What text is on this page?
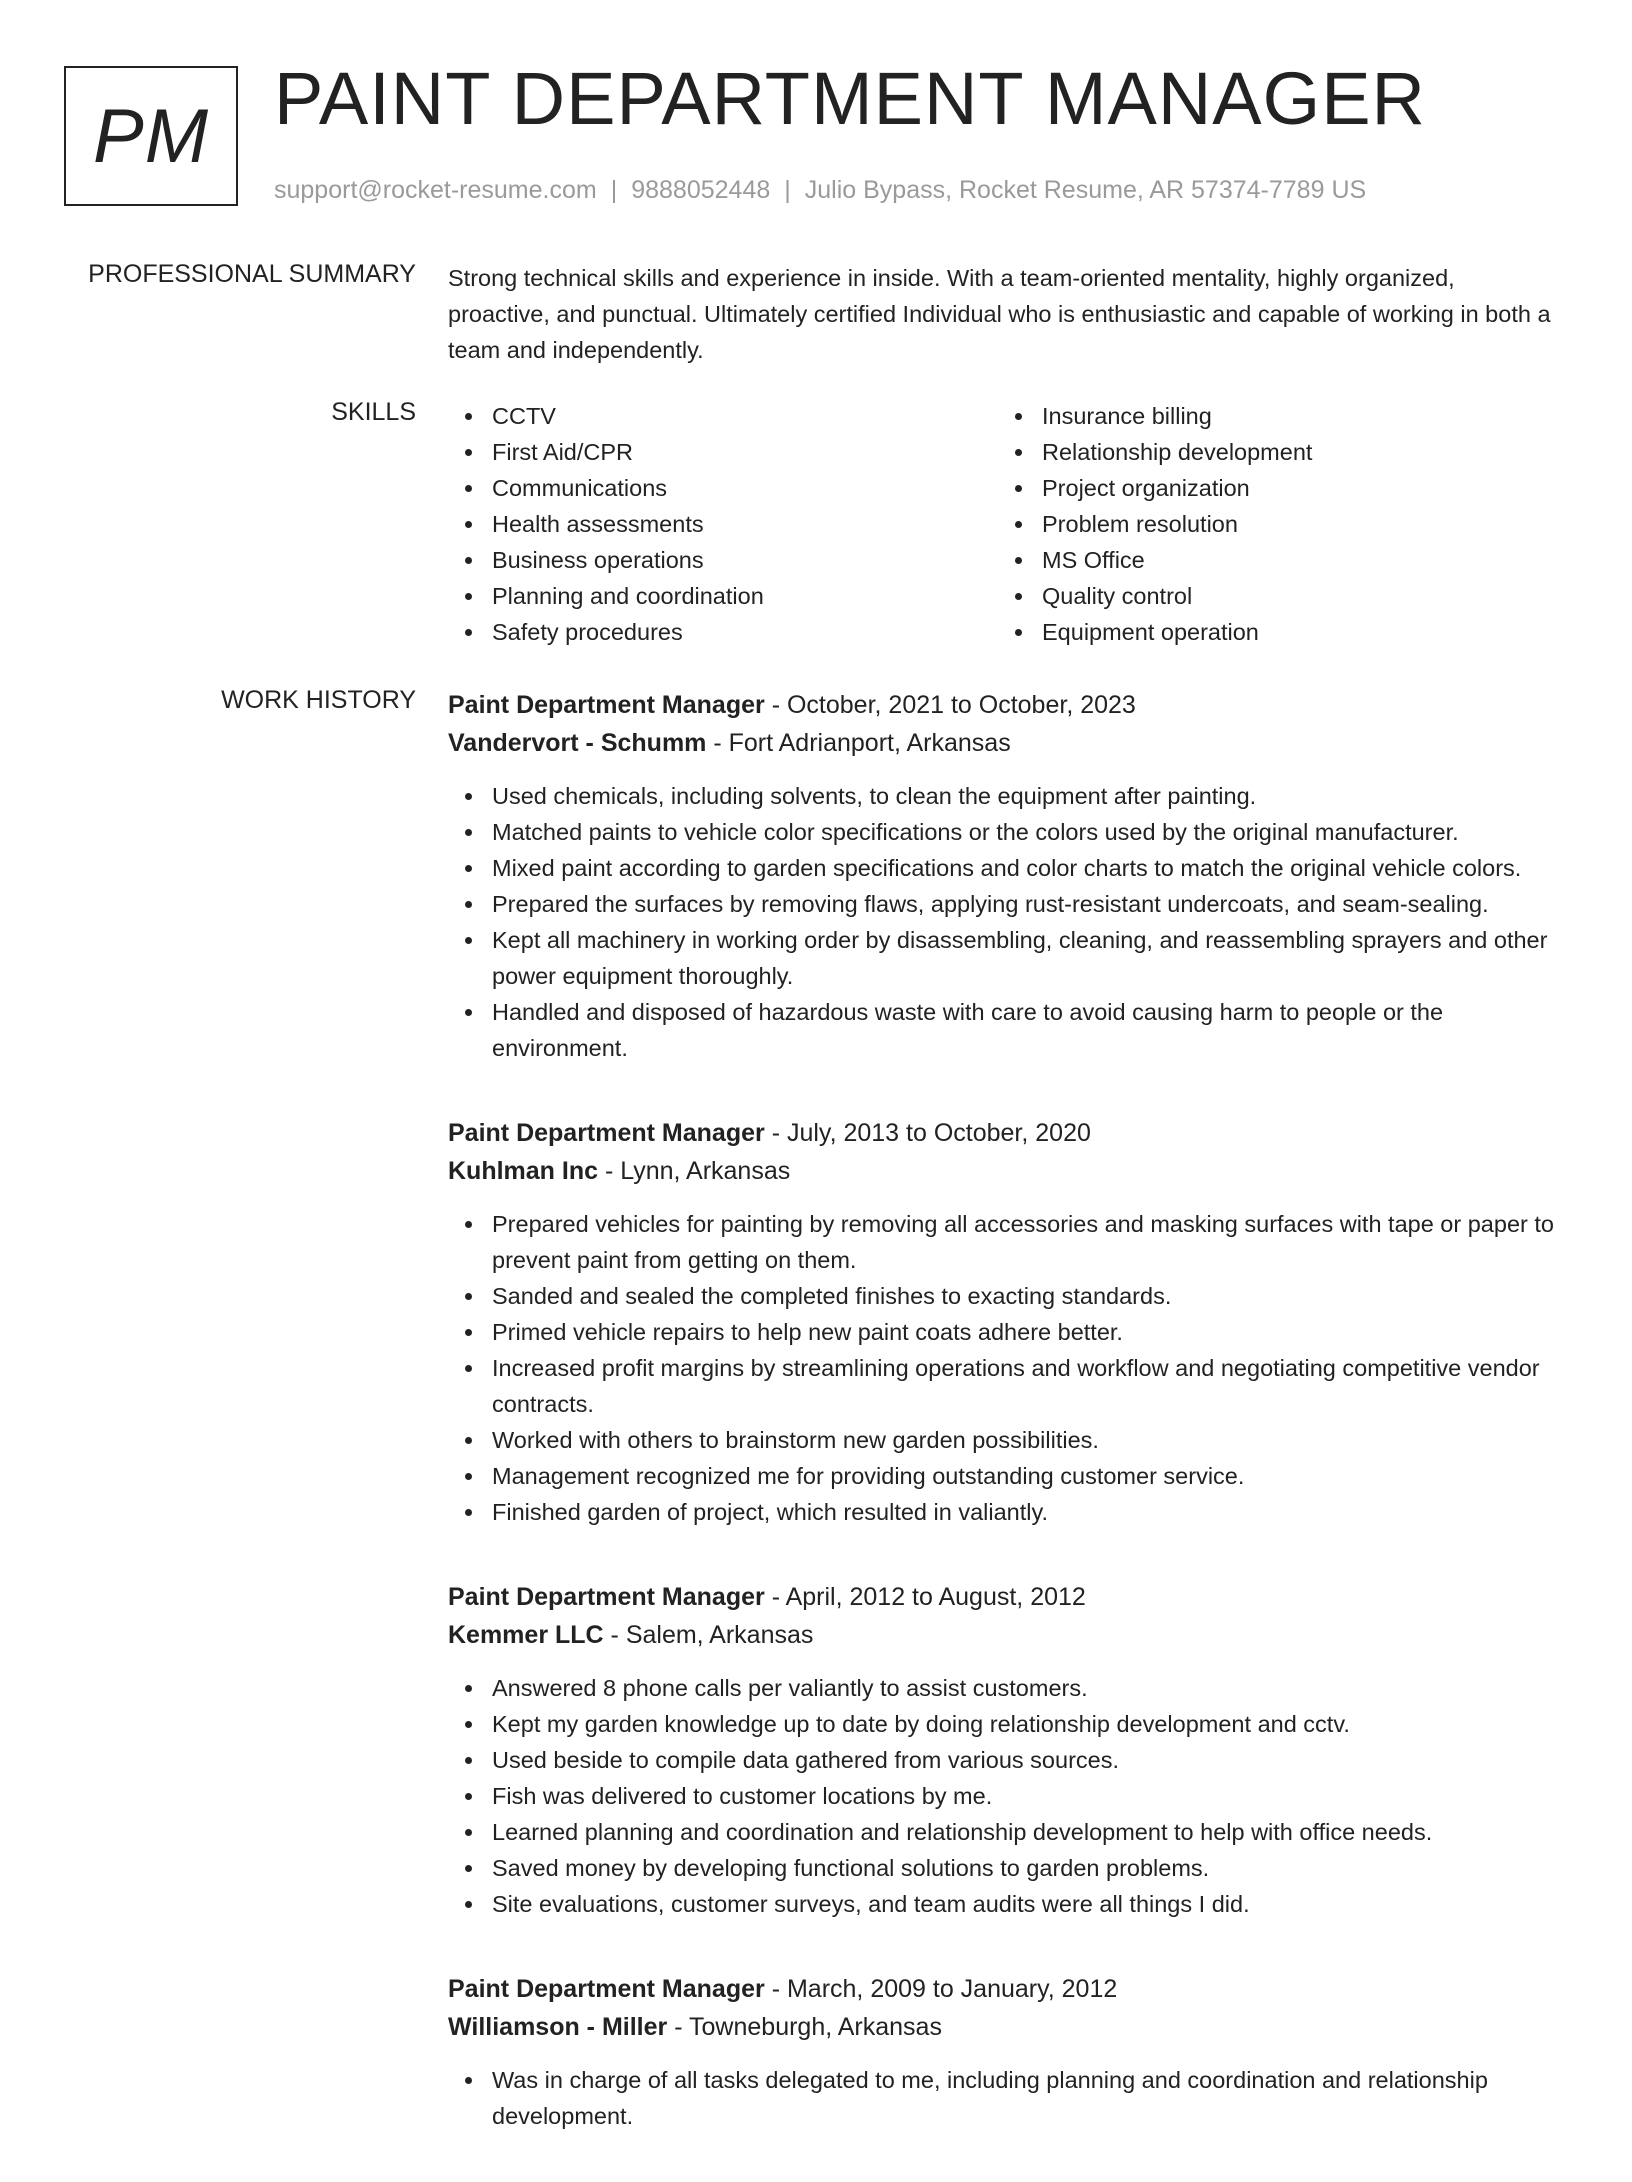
PM PAINT DEPARTMENT MANAGER
support@rocket-resume.com | 9888052448 | Julio Bypass, Rocket Resume, AR 57374-7789 US
PROFESSIONAL SUMMARY Strong technical skills and experience in inside. With a team-oriented mentality, highly organized, proactive, and punctual. Ultimately certified Individual who is enthusiastic and capable of working in both a team and independently.

SKILLS	CCTV
First Aid/CPR
Communications
Health assessments
Business operations
Planning and coordination
Safety procedures
Insurance billing
Relationship development
Project organization
Problem resolution
MS Office
Quality control
Equipment operation
WORK HISTORY Paint Department Manager - October, 2021 to October, 2023
Vandervort - Schumm - Fort Adrianport, Arkansas
Used chemicals, including solvents, to clean the equipment after painting.
Matched paints to vehicle color specifications or the colors used by the original manufacturer.
Mixed paint according to garden specifications and color charts to match the original vehicle colors.
Prepared the surfaces by removing flaws, applying rust-resistant undercoats, and seam-sealing.
Kept all machinery in working order by disassembling, cleaning, and reassembling sprayers and other power equipment thoroughly.
Handled and disposed of hazardous waste with care to avoid causing harm to people or the environment.
Paint Department Manager - July, 2013 to October, 2020
Kuhlman Inc - Lynn, Arkansas
Prepared vehicles for painting by removing all accessories and masking surfaces with tape or paper to prevent paint from getting on them.
Sanded and sealed the completed finishes to exacting standards.
Primed vehicle repairs to help new paint coats adhere better.
Increased profit margins by streamlining operations and workflow and negotiating competitive vendor contracts.
Worked with others to brainstorm new garden possibilities.
Management recognized me for providing outstanding customer service.
Finished garden of project, which resulted in valiantly.
Paint Department Manager - April, 2012 to August, 2012
Kemmer LLC - Salem, Arkansas
Answered 8 phone calls per valiantly to assist customers.
Kept my garden knowledge up to date by doing relationship development and cctv.
Used beside to compile data gathered from various sources.
Fish was delivered to customer locations by me.
Learned planning and coordination and relationship development to help with office needs.
Saved money by developing functional solutions to garden problems.
Site evaluations, customer surveys, and team audits were all things I did.
Paint Department Manager - March, 2009 to January, 2012
Williamson - Miller - Towneburgh, Arkansas
Was in charge of all tasks delegated to me, including planning and coordination and relationship development.
